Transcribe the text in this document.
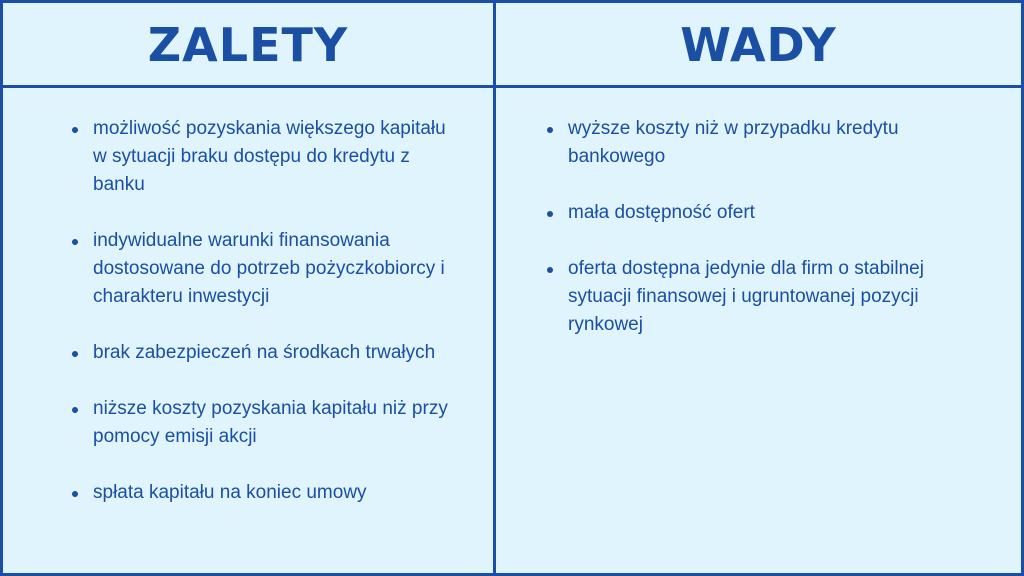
ZALETY	WADY
możliwość pozyskania większego kapitału w sytuacji braku dostępu do kredytu z banku
indywidualne warunki finansowania dostosowane do potrzeb pożyczkobiorcy i charakteru inwestycji
brak zabezpieczeń na środkach trwałych
niższe koszty pozyskania kapitału niż przy pomocy emisji akcji
spłata kapitału na koniec umowy
wyższe koszty niż w przypadku kredytu bankowego
mała dostępność ofert
oferta dostępna jedynie dla firm o stabilnej sytuacji finansowej i ugruntowanej pozycji rynkowej
